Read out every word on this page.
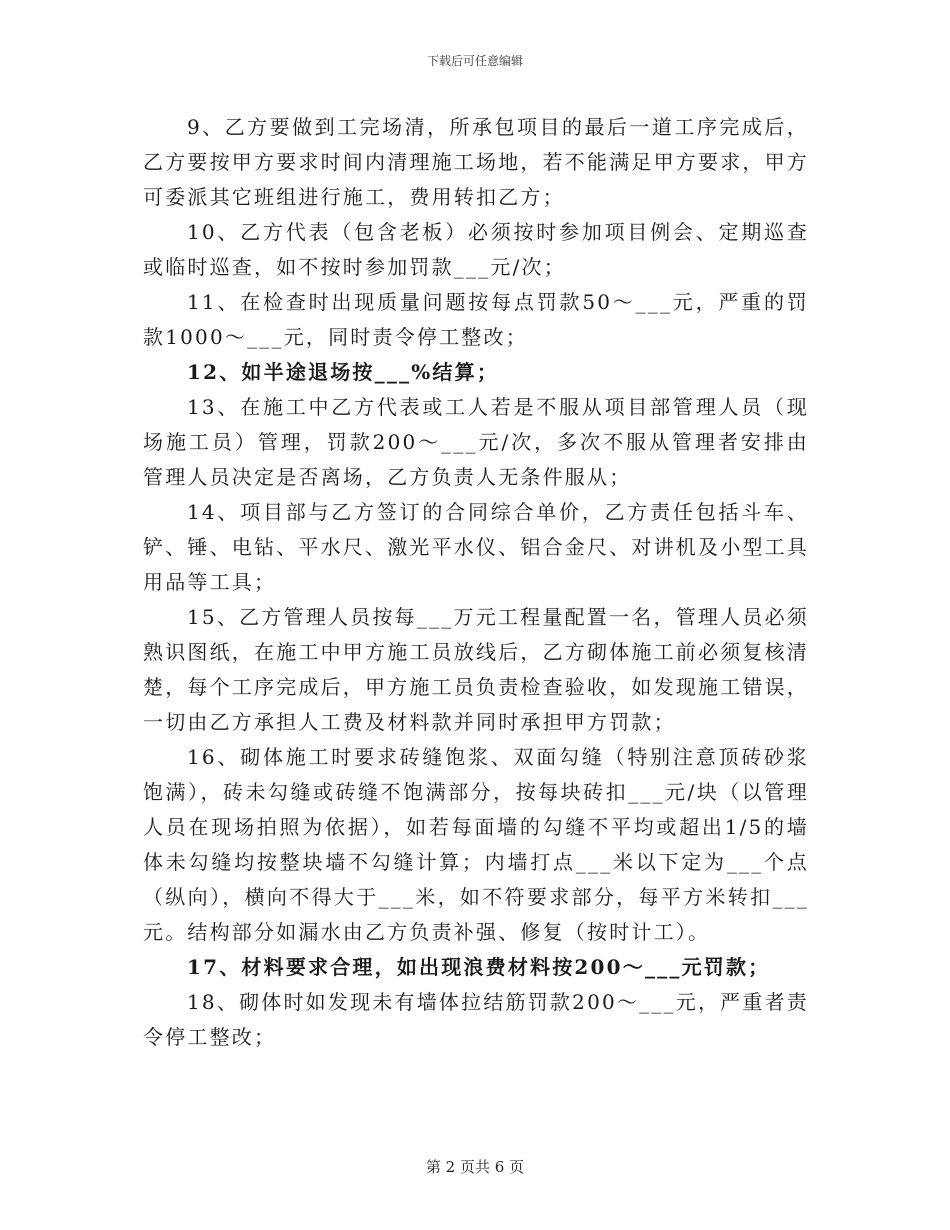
下载后可任意编辑

9、乙方要做到工完场清，所承包项目的最后一道工序完成后，乙方要按甲方要求时间内清理施工场地，若不能满足甲方要求，甲方可委派其它班组进行施工，费用转扣乙方；

10、乙方代表（包含老板）必须按时参加项目例会、定期巡查或临时巡查，如不按时参加罚款___元/次；

11、在检查时出现质量问题按每点罚款50～___元，严重的罚款1000～___元，同时责令停工整改；

12、如半途退场按___%结算；

13、在施工中乙方代表或工人若是不服从项目部管理人员（现场施工员）管理，罚款200～___元/次，多次不服从管理者安排由管理人员决定是否离场，乙方负责人无条件服从；

14、项目部与乙方签订的合同综合单价，乙方责任包括斗车、铲、锤、电钻、平水尺、激光平水仪、铝合金尺、对讲机及小型工具用品等工具；

15、乙方管理人员按每___万元工程量配置一名，管理人员必须熟识图纸，在施工中甲方施工员放线后，乙方砌体施工前必须复核清楚，每个工序完成后，甲方施工员负责检查验收，如发现施工错误，一切由乙方承担人工费及材料款并同时承担甲方罚款；

16、砌体施工时要求砖缝饱浆、双面勾缝（特别注意顶砖砂浆饱满），砖未勾缝或砖缝不饱满部分，按每块砖扣___元/块（以管理人员在现场拍照为依据），如若每面墙的勾缝不平均或超出1/5的墙体未勾缝均按整块墙不勾缝计算；内墙打点___米以下定为___个点（纵向），横向不得大于___米，如不符要求部分，每平方米转扣___元。结构部分如漏水由乙方负责补强、修复（按时计工）。

17、材料要求合理，如出现浪费材料按200～___元罚款；

18、砌体时如发现未有墙体拉结筋罚款200～___元，严重者责令停工整改；

第 2 页共 6 页
